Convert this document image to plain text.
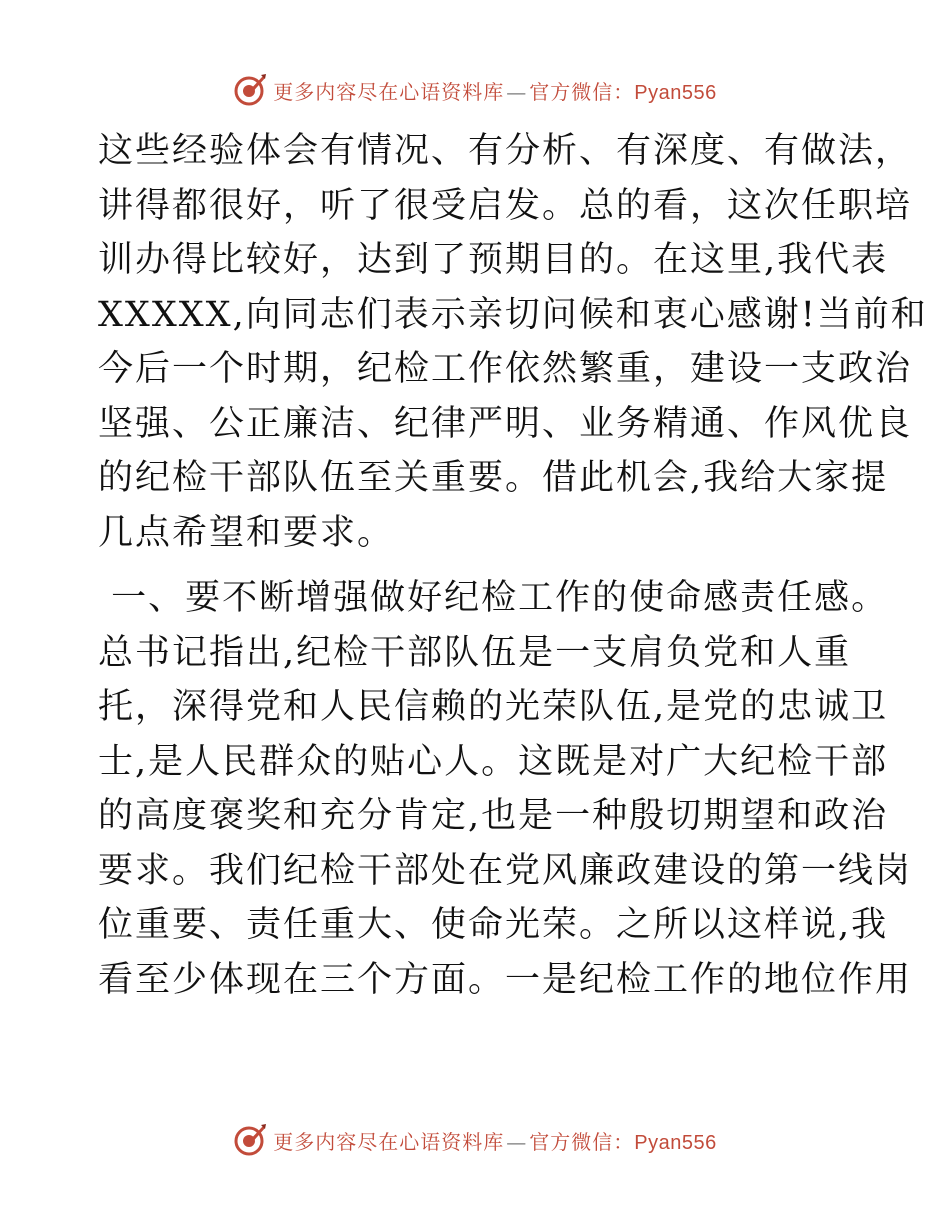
更多内容尽在心语资料库 — 官方微信：Pyan556

这些经验体会有情况、有分析、有深度、有做法，
讲得都很好，听了很受启发。总的看，这次任职培
训办得比较好，达到了预期目的。在这里,我代表
XXXXX,向同志们表示亲切问候和衷心感谢!当前和
今后一个时期，纪检工作依然繁重，建设一支政治
坚强、公正廉洁、纪律严明、业务精通、作风优良
的纪检干部队伍至关重要。借此机会,我给大家提
几点希望和要求。

一、要不断增强做好纪检工作的使命感责任感。
总书记指出,纪检干部队伍是一支肩负党和人重
托，深得党和人民信赖的光荣队伍,是党的忠诚卫
士,是人民群众的贴心人。这既是对广大纪检干部
的高度褒奖和充分肯定,也是一种殷切期望和政治
要求。我们纪检干部处在党风廉政建设的第一线岗
位重要、责任重大、使命光荣。之所以这样说,我
看至少体现在三个方面。一是纪检工作的地位作用

更多内容尽在心语资料库 — 官方微信：Pyan556
